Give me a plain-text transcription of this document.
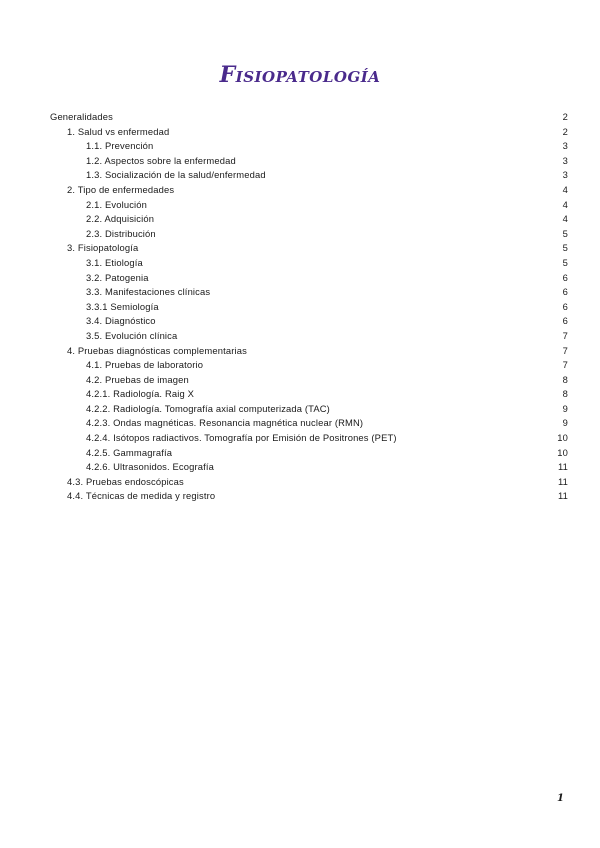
Fisiopatología
Generalidades	2
1. Salud vs enfermedad	2
1.1. Prevención	3
1.2. Aspectos sobre la enfermedad	3
1.3. Socialización de la salud/enfermedad	3
2. Tipo de enfermedades	4
2.1. Evolución	4
2.2. Adquisición	4
2.3. Distribución	5
3. Fisiopatología	5
3.1. Etiología	5
3.2. Patogenia	6
3.3. Manifestaciones clínicas	6
3.3.1 Semiología	6
3.4. Diagnóstico	6
3.5. Evolución clínica	7
4. Pruebas diagnósticas complementarias	7
4.1. Pruebas de laboratorio	7
4.2. Pruebas de imagen	8
4.2.1. Radiología. Raig X	8
4.2.2. Radiología. Tomografía axial computerizada (TAC)	9
4.2.3. Ondas magnéticas. Resonancia magnética nuclear (RMN)	9
4.2.4. Isótopos radiactivos. Tomografía por Emisión de Positrones (PET)	10
4.2.5. Gammagrafía	10
4.2.6. Ultrasonidos. Ecografía	11
4.3. Pruebas endoscópicas	11
4.4. Técnicas de medida y registro	11
1
